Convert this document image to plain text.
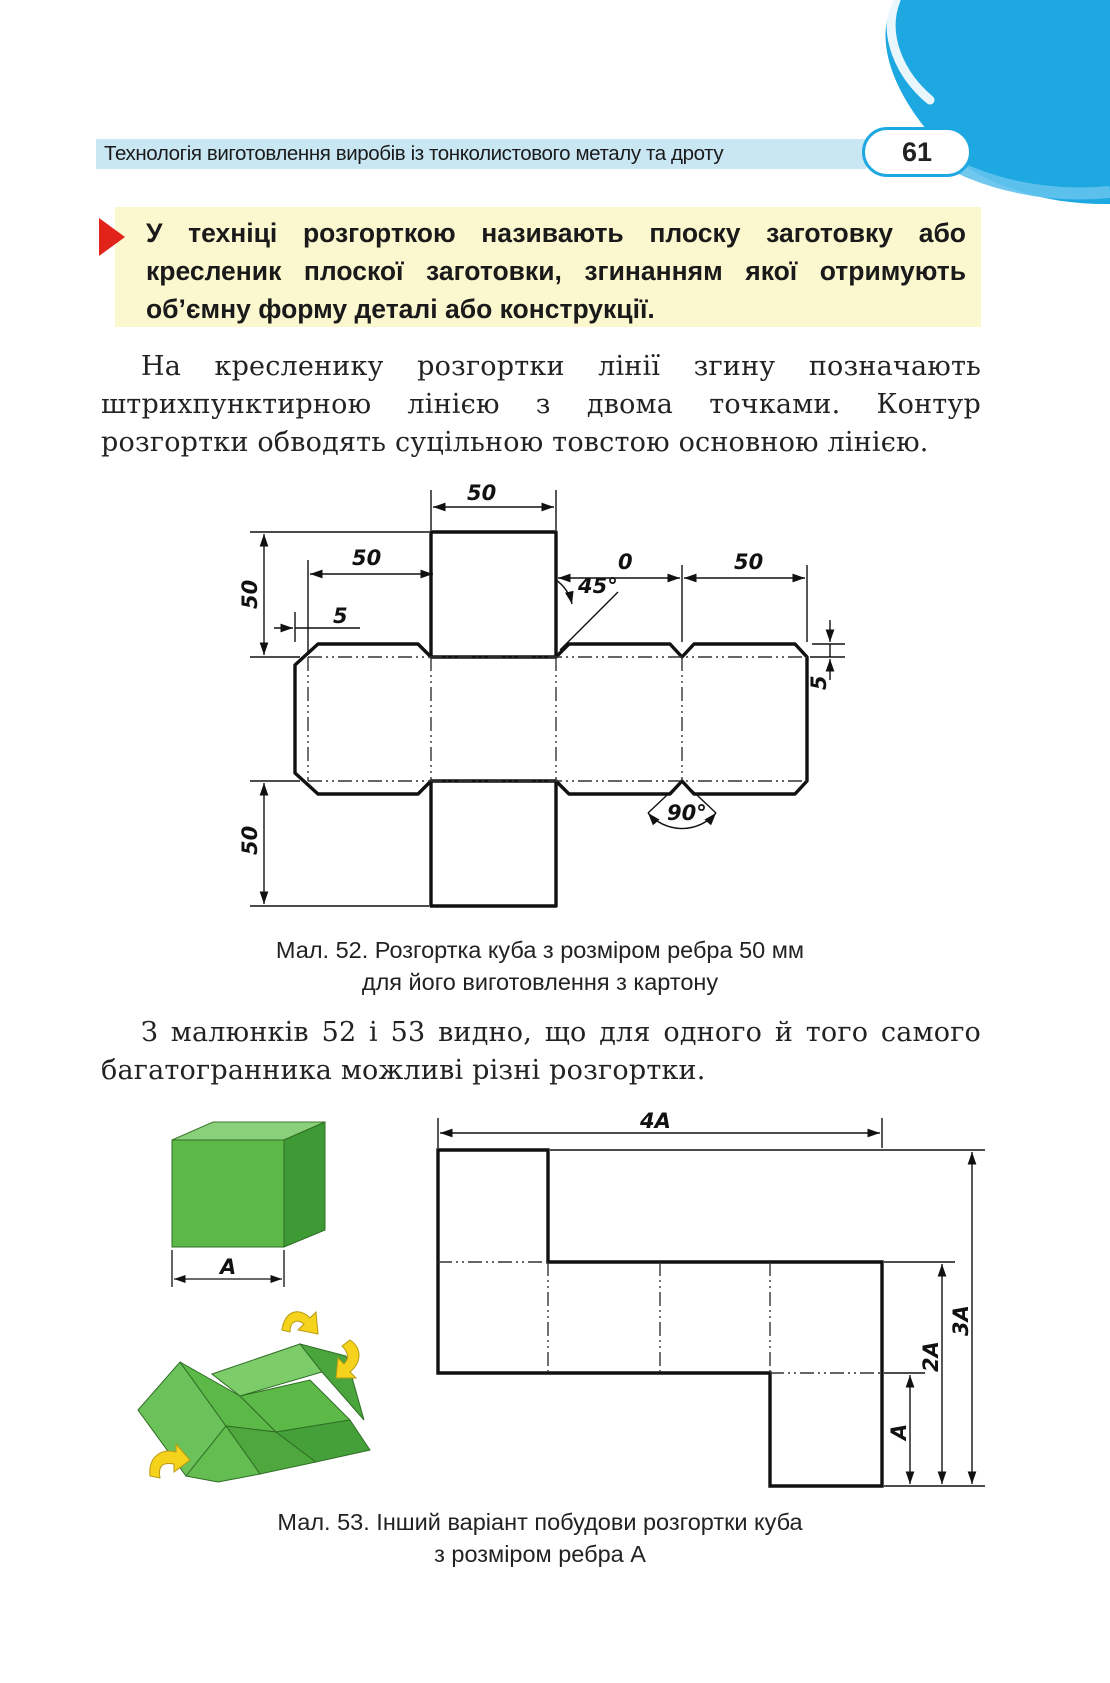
Технологія виготовлення виробів із тонколистового металу та дроту	61

У техніці розгорткою називають плоску заготовку або кресленик плоскої заготовки, згинанням якої отримують об’ємну форму деталі або конструкції.

На кресленику розгортки лінії згину позначають штрихпунктирною лінією з двома точками. Контур розгортки обводять суцільною товстою основною лінією.

50
50
50
50
5
0	50
5
45°
90°

Мал. 52. Розгортка куба з розміром ребра 50 мм
для його виготовлення з картону

З малюнків 52 і 53 видно, що для одного й того самого багатогранника можливі різні розгортки.

A
4A
3A
2A
A

Мал. 53. Інший варіант побудови розгортки куба
з розміром ребра A
